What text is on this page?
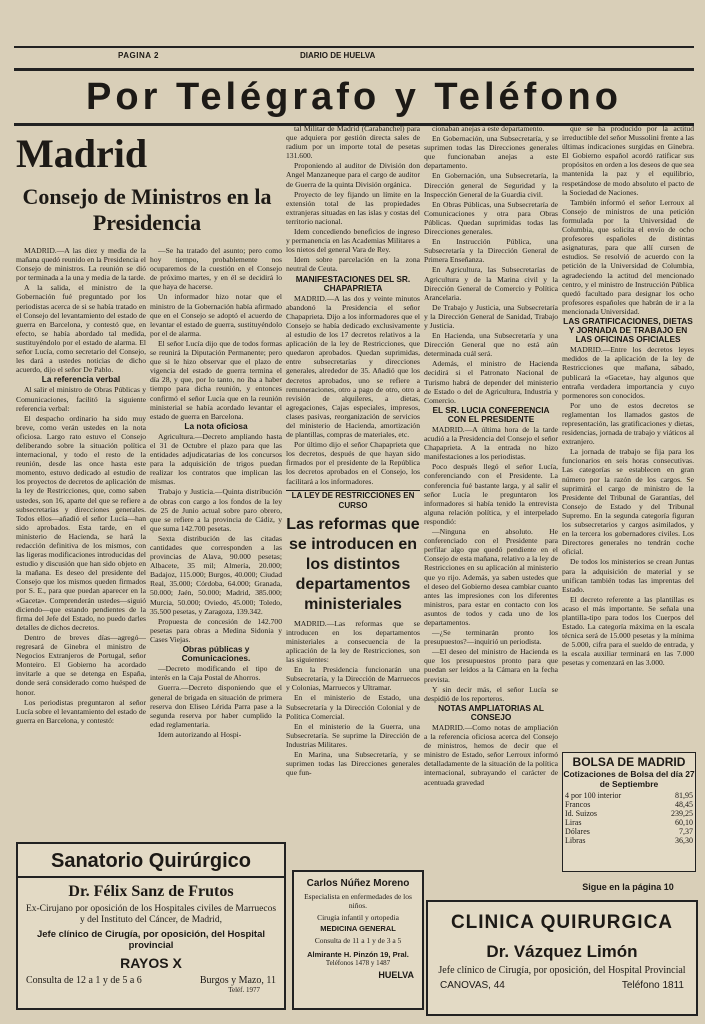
PAGINA 2	DIARIO DE HUELVA
Por Telégrafo y Teléfono
Madrid
Consejo de Ministros en la Presidencia

MADRID.—A las diez y media de la mañana quedó reunido en la Presidencia el Consejo de ministros. La reunión se dió por terminada a la una y media de la tarde.

A la salida, el ministro de la Gobernación fué preguntado por los periodistas acerca de si se había tratado en el Consejo del levantamiento del estado de guerra en Barcelona, y contestó que, en efecto, se había abordado tal medida, sustituyéndolo por el estado de alarma. El señor Lucía, como secretario del Consejo, les dará a ustedes noticias de dicho acuerdo, dijo el señor De Pablo.

La referencia verbal

Al salir el ministro de Obras Públicas y Comunicaciones, facilitó la siguiente referencia verbal:

El despacho ordinario ha sido muy breve, como verán ustedes en la nota oficiosa. Largo rato estuvo el Consejo deliberando sobre la situación política internacional, y todo el resto de la reunión, desde las once hasta este momento, estuvo dedicado al estudio de los proyectos de decretos de aplicación de la ley de Restricciones, que, como saben ustedes, son 16, aparte del que se refiere a subsecretarías y direcciones generales. Todos ellos—añadió el señor Lucía—han sido aprobados. Esta tarde, en el ministerio de Hacienda, se hará la redacción definitiva de los mismos, con las ligeras modificaciones introducidas del estudio y discusión que han sido objeto en la mañana. Es deseo del presidente del Consejo que los mismos queden firmados por S. E., para que puedan aparecer en la «Gaceta». Comprenderán ustedes—siguió diciendo—que estando pendientes de la firma del Jefe del Estado, no puedo darles detalles de dichos decretos.

Dentro de breves días—agregó—regresará de Ginebra el ministro de Negocios Extranjeros de Portugal, señor Monteiro. El Gobierno ha acordado invitarle a que se detenga en España, donde será considerado como huésped de honor.

Los periodistas preguntaron al señor Lucía sobre el levantamiento del estado de guerra en Barcelona, y contestó:

—Se ha tratado del asunto; pero como hoy tiempo, probablemente nos ocuparemos de la cuestión en el Consejo de próximo martes, y en él se decidirá lo que haya de hacerse.

Un informador hizo notar que el ministro de la Gobernación había afirmado que en el Consejo se adoptó el acuerdo de levantar el estado de guerra, sustituyéndolo por el de alarma.

El señor Lucía dijo que de todos formas se reunirá la Diputación Permanente; pero que si le hizo observar que el plazo de vigencia del estado de guerra termina el día 28, y que, por lo tanto, no iba a haber tiempo para dicha reunión, y entonces confirmó el señor Lucía que en la reunión ministerial se había acordado levantar el estado de guerra en Barcelona.

La nota oficiosa

Agricultura.—Decreto ampliando hasta el 31 de Octubre el plazo para que las entidades adjudicatarias de los concursos para la adquisición de trigos puedan realizar los contratos que implican las mismas.

Trabajo y Justicia.—Quinta distribución de obras con cargo a los fondos de la ley de 25 de Junio actual sobre paro obrero, que se refiere a la provincia de Cádiz, y que suma 142.700 pesetas.

Sexta distribución de las citadas cantidades que corresponden a las provincias de Alava, 90.000 pesetas; Albacete, 35 mil; Almería, 20.000; Badajoz, 115.000; Burgos, 40.000; Ciudad Real, 35.000; Córdoba, 64.000; Granada, 50.000; Jaén, 50.000; Madrid, 385.000; Murcia, 50.000; Oviedo, 45.000; Toledo, 35.500 pesetas, y Zaragoza, 139.342.

Propuesta de concesión de 142.700 pesetas para obras a Medina Sidonia y Cases Viejas.

Obras públicas y Comunicaciones.

—Decreto modificando el tipo de interés en la Caja Postal de Ahorros.

Guerra.—Decreto disponiendo que el general de brigada en situación de primera reserva don Eliseo Lérida Parra pase a la segunda reserva por haber cumplido la edad reglamentaria.

Idem autorizando al Hospi-

tal Militar de Madrid (Carabanchel) para que adquiera por gestión directa sales de radium por un importe total de pesetas 131.600.

Proponiendo al auditor de División don Angel Manzaneque para el cargo de auditor de Guerra de la quinta División orgánica.

Proyecto de ley fijando un límite en la extensión total de las propiedades extranjeras situadas en las islas y costas del territorio nacional.

Idem concediendo beneficios de ingreso y permanencia en las Academias Militares a los nietos del general Vara de Rey.

Idem sobre parcelación en la zona neutral de Ceuta.

MANIFESTACIONES DEL SR. CHAPAPRIETA

MADRID.—A las dos y veinte minutos abandonó la Presidencia el señor Chapaprieta. Dijo a los informadores que el Consejo se había dedicado exclusivamente al estudio de los 17 decretos relativos a la aplicación de la ley de Restricciones, que quedaron aprobados. Quedan suprimidas, entre subsecretarías y direcciones generales, alrededor de 35. Añadió que los decretos aprobados, uno se refiere a remuneraciones, otro a pago de otro, otro a revisión de alquileres, a dietas, agregaciones, Cajas especiales, impresos, clases pasivas, reorganización de servicios del ministerio de Hacienda, amortización de plantillas, compras de materiales, etc.

Por último dijo el señor Chapaprieta que los decretos, después de que hayan sido firmados por el presidente de la República los decretos aprobados en el Consejo, los facilitará a los informadores.

LA LEY DE RESTRICCIONES EN CURSO
Las reformas que se introducen en los distintos departamentos ministeriales

MADRID.—Las reformas que se introducen en los departamentos ministeriales a consecuencia de la aplicación de la ley de Restricciones, son las siguientes:

En la Presidencia funcionarán una Subsecretaría, y la Dirección de Marruecos y Colonias, Marruecos y Ultramar.

En el ministerio de Estado, una Subsecretaría y la Dirección Colonial y de Política Comercial.

En el ministerio de la Guerra, una Subsecretaría. Se suprime la Dirección de Industrias Militares.

En Marina, una Subsecretaría, y se suprimen todas las Direcciones generales que fun-

cionaban anejas a este departamento.

En Gobernación, una Subsecretaría, y se suprimen todas las Direcciones generales que funcionaban anejas a este departamento.

En Gobernación, una Subsecretaría, la Dirección general de Seguridad y la Inspección General de la Guardia civil.

En Obras Públicas, una Subsecretaría de Comunicaciones y otra para Obras Públicas. Quedan suprimidas todas las Direcciones generales.

En Instrucción Pública, una Subsecretaría y la Dirección General de Primera Enseñanza.

En Agricultura, las Subsecretarías de Agricultura y de la Marina civil y la Dirección General de Comercio y Política Arancelaria.

De Trabajo y Justicia, una Subsecretaría y la Dirección General de Sanidad, Trabajo y Justicia.

En Hacienda, una Subsecretaría y una Dirección General que no está aún determinada cuál será.

Además, el ministro de Hacienda decidirá si el Patronato Nacional de Turismo habrá de depender del ministerio de Estado o del de Agricultura, Industria y Comercio.

EL SR. LUCIA CONFERENCIA CON EL PRESIDENTE

MADRID.—A última hora de la tarde acudió a la Presidencia del Consejo el señor Chapaprieta. A la entrada no hizo manifestaciones a los periodistas.

Poco después llegó el señor Lucía, conferenciando con el Presidente. La conferencia fué bastante larga, y al salir el señor Lucía le preguntaron los informadores si había tenido la entrevista alguna relación política, y el interpelado respondió:

—Ninguna en absoluto. He conferenciado con el Presidente para perfilar algo que quedó pendiente en el Consejo de esta mañana, relativo a la ley de Restricciones en su aplicación al ministerio que yo rijo. Además, ya saben ustedes que el deseo del Gobierno desea cambiar cuanto antes las impresiones con los diferentes ministros, para estar en contacto con los asuntos de todos y cada uno de los departamentos.

—¿Se terminarán pronto los presupuestos?—inquirió un periodista.

—El deseo del ministro de Hacienda es que los presupuestos pronto para que puedan ser leídos a la Cámara en la fecha prevista.

Y sin decir más, el señor Lucía se despidió de los reporteros.

NOTAS AMPLIATORIAS AL CONSEJO

MADRID.—Como notas de ampliación a la referencia oficiosa acerca del Consejo de ministros, hemos de decir que el ministro de Estado, señor Lerroux informó detalladamente de la situación de la política internacional, subrayando el carácter de acentuada gravedad

que se ha producido por la actitud irreductible del señor Mussolini frente a las últimas indicaciones surgidas en Ginebra. El Gobierno español acordó ratificar sus propósitos en orden a los deseos de que sea mantenida la paz y el equilibrio, respetándose de modo absoluto el pacto de la Sociedad de Naciones.

También informó el señor Lerroux al Consejo de ministros de una petición formulada por la Universidad de Columbia, que solicita el envío de ocho profesores españoles de distintas asignaturas, para que allí cursen de estudios. Se resolvió de acuerdo con la petición de la Universidad de Columbia, agradeciendo la actitud del mencionado centro, y el ministro de Instrucción Pública quedó facultado para designar los ocho profesores españoles que habrán de ir a la mencionada Universidad.

LAS GRATIFICACIONES, DIETAS Y JORNADA DE TRABAJO EN LAS OFICINAS OFICIALES

MADRID.—Entre los decretos leyes medidos de la aplicación de la ley de Restricciones que mañana, sábado, publicará la «Gaceta», hay algunos que entraña verdadera importancia y cuyo pormenores son conocidos.

Por uno de estos decretos se reglamentan los llamados gastos de representación, las gratificaciones y dietas, residencias, jornada de trabajo y viáticos al extranjero.

La jornada de trabajo se fija para los funcionarios en seis horas consecutivas. Las categorías se establecen en gran número por la razón de los cargos. Se suprimirá el cargo de ministro de la Presidente del Tribunal de Garantías, del Consejo de Estado y del Tribunal Supremo. En la segunda categoría figuran los subsecretarios y cargos asimilados, y en la tercera los gobernadores civiles. Los Directores generales no tendrán coche oficial.

De todos los ministerios se crean Juntas para la adquisición de material y se unifican también todas las imprentas del Estado.

El decreto referente a las plantillas es acaso el más importante. Se señala una plantilla-tipo para todos los Cuerpos del Estado. La categoría máxima en la escala técnica será de 15.000 pesetas y la mínima de 5.000, cifra para el sueldo de entrada, y la escala auxiliar terminará en las 7.000 pesetas y comenzará en las 3.000.

BOLSA DE MADRID
Cotizaciones de Bolsa del día 27 de Septiembre
4 por 100 interior	81,95
Francos	48,45
Id. Suizos	239,25
Liras	60,10
Dólares	7,37
Libras	36,30
Sigue en la página 10
Sanatorio Quirúrgico
Dr. Félix Sanz de Frutos
Ex-Cirujano por oposición de los Hospitales civiles de Marruecos y del Instituto del Cáncer, de Madrid,
Jefe clínico de Cirugía, por oposición, del Hospital provincial
RAYOS X
Consulta de 12 a 1 y de 5 a 6	Burgos y Mazo, 11
Teléf. 1977
Carlos Núñez Moreno
Especialista en enfermedades de los niños.
Cirugía infantil y ortopedia
MEDICINA GENERAL
Consulta de 11 a 1 y de 3 a 5
Almirante H. Pinzón 19, Pral.
Teléfonos 1478 y 1487
HUELVA
CLINICA QUIRURGICA
Dr. Vázquez Limón
Jefe clínico de Cirugía, por oposición, del Hospital Provincial
CANOVAS, 44	Teléfono 1811
